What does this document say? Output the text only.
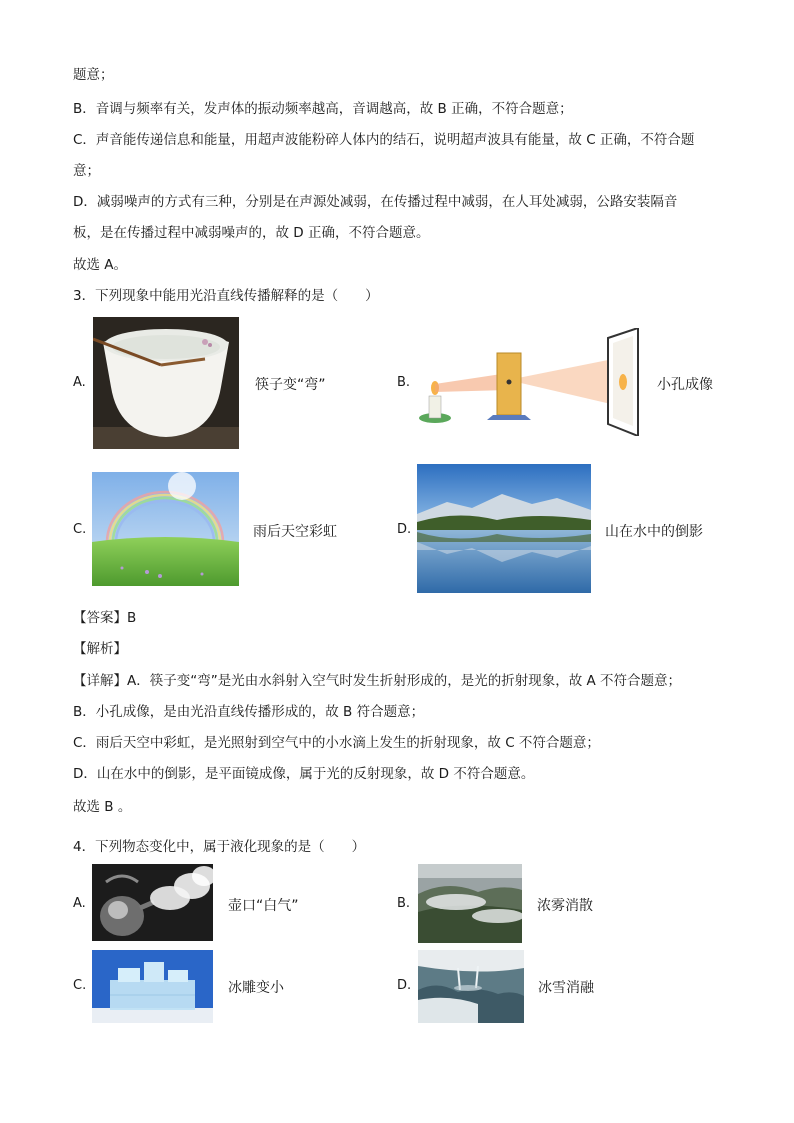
题意；
B．音调与频率有关，发声体的振动频率越高，音调越高，故 B 正确，不符合题意；
C．声音能传递信息和能量，用超声波能粉碎人体内的结石，说明超声波具有能量，故 C 正确，不符合题
意；
D．减弱噪声的方式有三种，分别是在声源处减弱，在传播过程中减弱，在人耳处减弱，公路安装隔音
板，是在传播过程中减弱噪声的，故 D 正确，不符合题意。
故选 A。
3．下列现象中能用光沿直线传播解释的是（　　）
A.	筷子变“弯”	B.	小孔成像
C.	雨后天空彩虹	D.	山在水中的倒影
【答案】B
【解析】
【详解】A．筷子变“弯”是光由水斜射入空气时发生折射形成的，是光的折射现象，故 A 不符合题意；
B．小孔成像，是由光沿直线传播形成的，故 B 符合题意；
C．雨后天空中彩虹，是光照射到空气中的小水滴上发生的折射现象，故 C 不符合题意；
D．山在水中的倒影，是平面镜成像，属于光的反射现象，故 D 不符合题意。
故选 B 。
4．下列物态变化中，属于液化现象的是（　　）
A.	壶口“白气”	B.	浓雾消散
C.	冰雕变小	D.	冰雪消融
